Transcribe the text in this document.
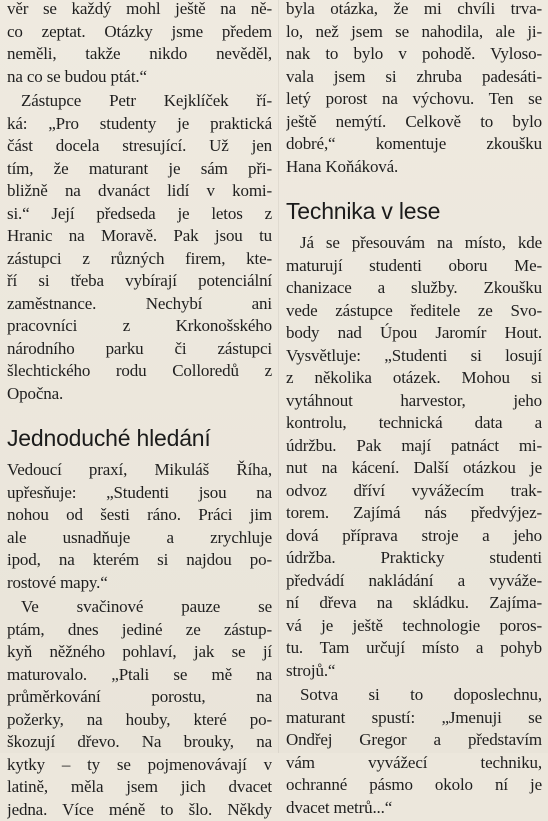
věr se každý mohl ještě na ně-
co zeptat. Otázky jsme předem
neměli, takže nikdo nevěděl,
na co se budou ptát.“
Zástupce Petr Kejklíček ří-
ká: „Pro studenty je praktická
část docela stresující. Už jen
tím, že maturant je sám při-
bližně na dvanáct lidí v komi-
si.“ Její předseda je letos z
Hranic na Moravě. Pak jsou tu
zástupci z různých firem, kte-
ří si třeba vybírají potenciální
zaměstnance. Nechybí ani
pracovníci z Krkonošského
národního parku či zástupci
šlechtického rodu Colloredů z
Opočna.
Jednoduché hledání
Vedoucí praxí, Mikuláš Říha,
upřesňuje: „Studenti jsou na
nohou od šesti ráno. Práci jim
ale usnadňuje a zrychluje
ipod, na kterém si najdou po-
rostové mapy.“
Ve svačinové pauze se
ptám, dnes jediné ze zástup-
kyň něžného pohlaví, jak se jí
maturovalo. „Ptali se mě na
průměrkování porostu, na
požerky, na houby, které po-
škozují dřevo. Na brouky, na
kytky – ty se pojmenovávají v
latině, měla jsem jich dvacet
jedna. Více méně to šlo. Někdy
byla otázka, že mi chvíli trva-
lo, než jsem se nahodila, ale ji-
nak to bylo v pohodě. Vyloso-
vala jsem si zhruba padesáti-
letý porost na výchovu. Ten se
ještě nemýtí. Celkově to bylo
dobré,“ komentuje zkoušku
Hana Koňáková.
Technika v lese
Já se přesouvám na místo, kde
maturují studenti oboru Me-
chanizace a služby. Zkoušku
vede zástupce ředitele ze Svo-
body nad Úpou Jaromír Hout.
Vysvětluje: „Studenti si losují
z několika otázek. Mohou si
vytáhnout harvestor, jeho
kontrolu, technická data a
údržbu. Pak mají patnáct mi-
nut na kácení. Další otázkou je
odvoz dříví vyvážecím trak-
torem. Zajímá nás předvýjez-
dová příprava stroje a jeho
údržba. Prakticky studenti
předvádí nakládání a vyváže-
ní dřeva na skládku. Zajíma-
vá je ještě technologie poros-
tu. Tam určují místo a pohyb
strojů.“
Sotva si to doposlechnu,
maturant spustí: „Jmenuji se
Ondřej Gregor a představím
vám vyvážecí techniku,
ochranné pásmo okolo ní je
dvacet metrů...“
